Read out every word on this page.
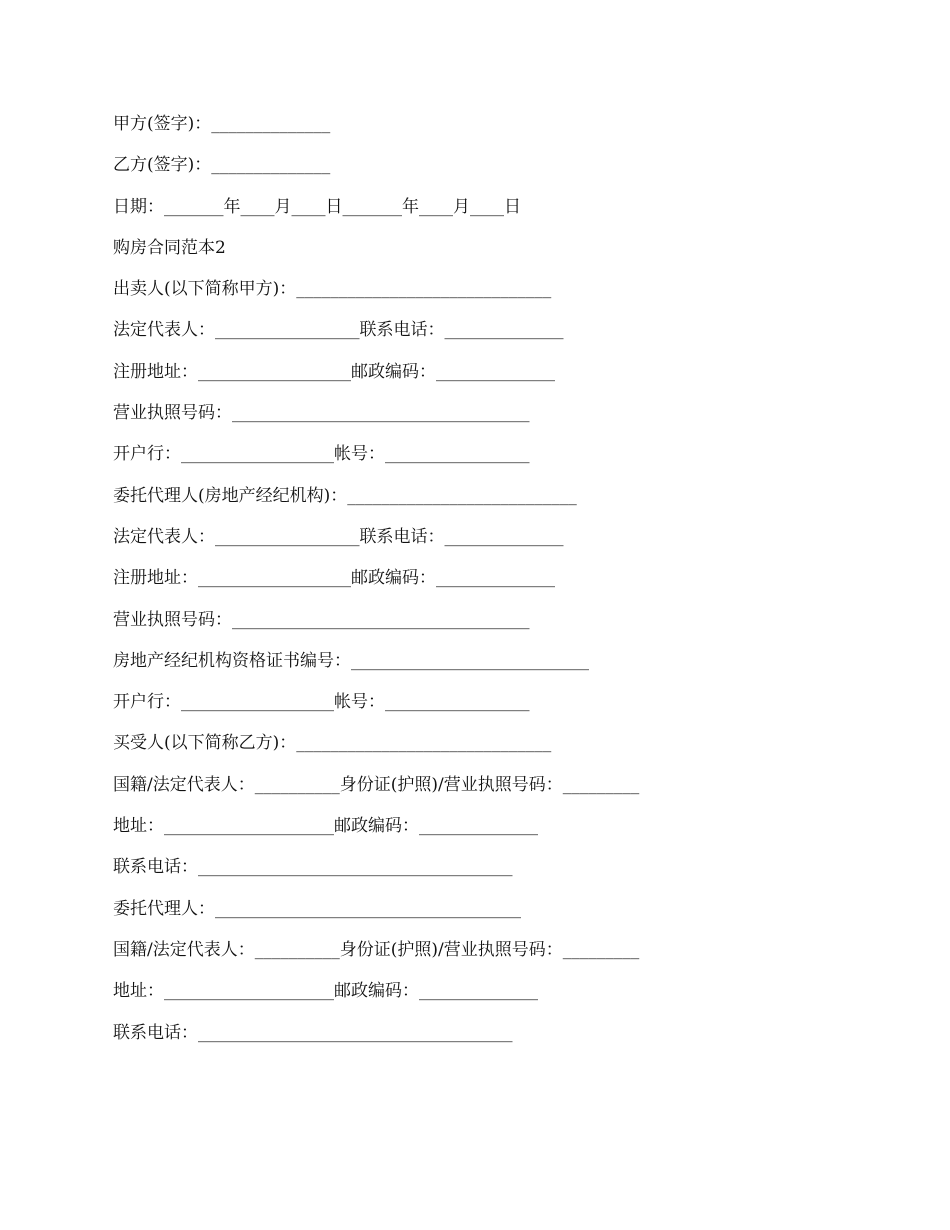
甲方(签字)：______________
乙方(签字)：______________
日期：_______年____月____日_______年____月____日
购房合同范本2
出卖人(以下简称甲方)：______________________________
法定代表人：_________________联系电话：______________
注册地址：__________________邮政编码：______________
营业执照号码：___________________________________
开户行：__________________帐号：_________________
委托代理人(房地产经纪机构)：___________________________
法定代表人：_________________联系电话：______________
注册地址：__________________邮政编码：______________
营业执照号码：___________________________________
房地产经纪机构资格证书编号：____________________________
开户行：__________________帐号：_________________
买受人(以下简称乙方)：______________________________
国籍/法定代表人：__________身份证(护照)/营业执照号码：_________
地址：____________________邮政编码：______________
联系电话：_____________________________________
委托代理人：____________________________________
国籍/法定代表人：__________身份证(护照)/营业执照号码：_________
地址：____________________邮政编码：______________
联系电话：_____________________________________
